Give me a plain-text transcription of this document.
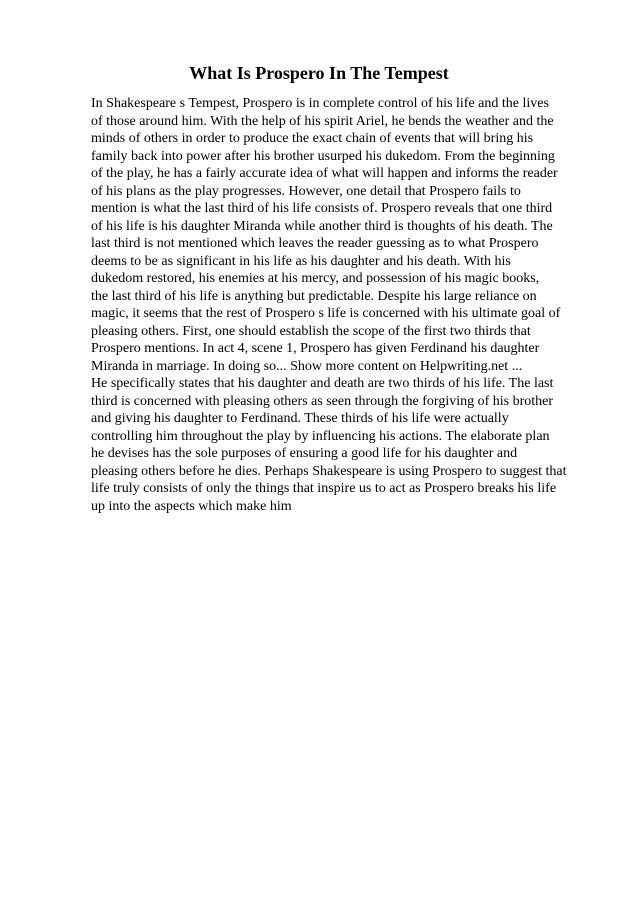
What Is Prospero In The Tempest
In Shakespeare s Tempest, Prospero is in complete control of his life and the lives
of those around him. With the help of his spirit Ariel, he bends the weather and the
minds of others in order to produce the exact chain of events that will bring his
family back into power after his brother usurped his dukedom. From the beginning
of the play, he has a fairly accurate idea of what will happen and informs the reader
of his plans as the play progresses. However, one detail that Prospero fails to
mention is what the last third of his life consists of. Prospero reveals that one third
of his life is his daughter Miranda while another third is thoughts of his death. The
last third is not mentioned which leaves the reader guessing as to what Prospero
deems to be as significant in his life as his daughter and his death. With his
dukedom restored, his enemies at his mercy, and possession of his magic books,
the last third of his life is anything but predictable. Despite his large reliance on
magic, it seems that the rest of Prospero s life is concerned with his ultimate goal of
pleasing others. First, one should establish the scope of the first two thirds that
Prospero mentions. In act 4, scene 1, Prospero has given Ferdinand his daughter
Miranda in marriage. In doing so... Show more content on Helpwriting.net ...
He specifically states that his daughter and death are two thirds of his life. The last
third is concerned with pleasing others as seen through the forgiving of his brother
and giving his daughter to Ferdinand. These thirds of his life were actually
controlling him throughout the play by influencing his actions. The elaborate plan
he devises has the sole purposes of ensuring a good life for his daughter and
pleasing others before he dies. Perhaps Shakespeare is using Prospero to suggest that
life truly consists of only the things that inspire us to act as Prospero breaks his life
up into the aspects which make him
